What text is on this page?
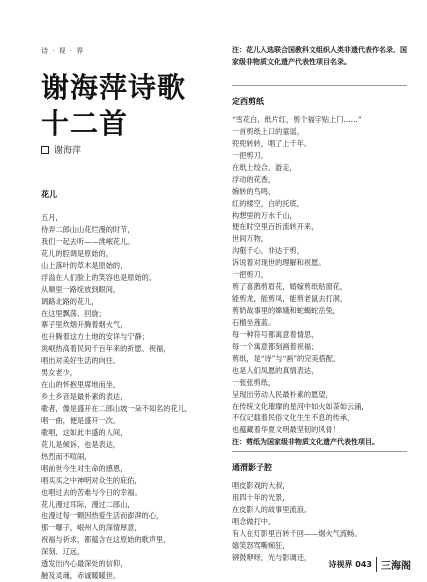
诗 · 视 · 界
谢海萍诗歌
十二首
谢海萍
花儿
五月，
侍弄二郎山山花烂漫的时节，
我们一起去听——洮岷花儿。
花儿的腔调是原始的，
山上落叶的草木是原始的，
浮溢在人们脸上的笑容也是原始的。
从顺里一路绽放到眼间，
调路北路的花儿，
在这里飘荡、回旋；
寨子里炊烟升腾着烟火气，
也升腾着这方土地的安详与宁静；
洮岷热高着民间千百年来的祈愿、祝福，
唱出对美好生活的向往。
男女老少，
在山的怀抱里席地而坐，
乡土乡音是最朴素的表达，
歌者，像是盛开在二郎山坡一朵不知名的花儿，
唱一曲，便是盛开一次。
歌唱，这如此丰盛的人间，
花儿是倾诉，也是表达，
热烈而不喧闹，
唱前世今生对生命的感恩，
唱买买之中神明对众生的庇佑，
也唱过去的苦难与今日的幸福。
花儿漫过耳际，漫过二郎山，
也漫过每一颗因热爱生活而澎湃的心，
那一曝子，岷州人的深情厚意，
祝福与祈求，都蕴含在这原始的歌声里，
深刻、辽远，
透发出内心最深处的信仰，
触及灵魂，赤诚暖暖世。
注：花儿入选联合国教科文组织人类非遗代表作名录、国家级非物质文化遗产代表性项目名录。
定西剪纸
“雪花白，纸片红，剪个福字贴上门……”
一首剪纸上口的童谣，
兜兜转转，唱了上千年。
一把剪刀，
在纸上绞合、游走，
浮动的花香，
婉转的鸟鸣，
红的楼空，白的托底，
构想里的万水千山，
便在时空里百折流转开来，
世间万物，
沟壑千心，非达于剪，
诉说着对现世的理解和祝愿。
一把剪刀，
剪了喜鹊剪眉花，婚嫁剪纸贴窗花，
能剪龙，能剪凤，能剪老鼠去打洞，
剪奶故事里的嫦娥和蛇蝎蛇岳兔，
石榴坐莲蓝。
每一种符号都寓意着情思，
每一个寓意都刻画着祝福；
剪纸，是“诗”与“画”的完美搭配，
也是人们凤愿的真情表达，
一张张剪纸，
呈现出劳动人民最朴素的愿望，
在传统文化璀璨的星河中如火如荼如云涌，
不仅记载着民俗文化生生不息的传承，
也蕴藏着华夏文明最坚韧的风骨！
注：剪纸为国家级非物质文化遗产代表性项目。
通渭影子腔
唱皮影戏的大叔，
用四十年的光景，
在皮影人的故事里流浪。
唱念做打中，
有人在灯影里百转千回——烟火气流畅。
嬉笑怒骂嘶痴狂，
铆鼓咿呀，光与影调还，
诗视界 043 三海阁
